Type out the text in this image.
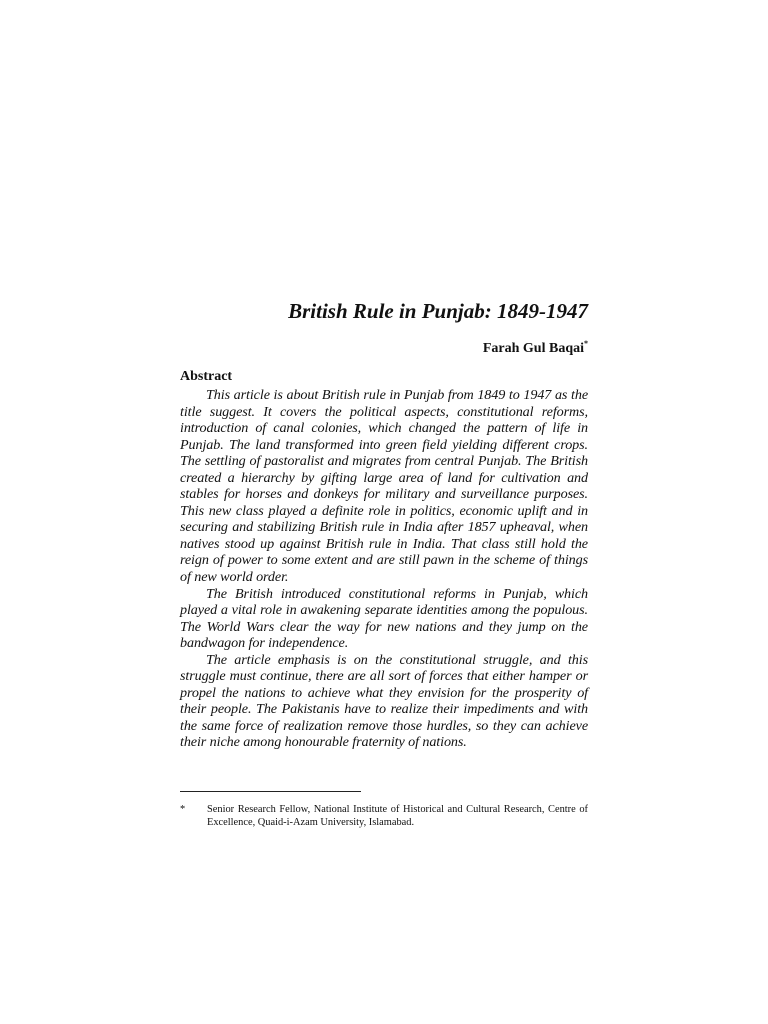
British Rule in Punjab: 1849-1947
Farah Gul Baqai*
Abstract

This article is about British rule in Punjab from 1849 to 1947 as the title suggest. It covers the political aspects, constitutional reforms, introduction of canal colonies, which changed the pattern of life in Punjab. The land transformed into green field yielding different crops. The settling of pastoralist and migrates from central Punjab. The British created a hierarchy by gifting large area of land for cultivation and stables for horses and donkeys for military and surveillance purposes. This new class played a definite role in politics, economic uplift and in securing and stabilizing British rule in India after 1857 upheaval, when natives stood up against British rule in India. That class still hold the reign of power to some extent and are still pawn in the scheme of things of new world order.

The British introduced constitutional reforms in Punjab, which played a vital role in awakening separate identities among the populous. The World Wars clear the way for new nations and they jump on the bandwagon for independence.

The article emphasis is on the constitutional struggle, and this struggle must continue, there are all sort of forces that either hamper or propel the nations to achieve what they envision for the prosperity of their people. The Pakistanis have to realize their impediments and with the same force of realization remove those hurdles, so they can achieve their niche among honourable fraternity of nations.

* Senior Research Fellow, National Institute of Historical and Cultural Research, Centre of Excellence, Quaid-i-Azam University, Islamabad.
